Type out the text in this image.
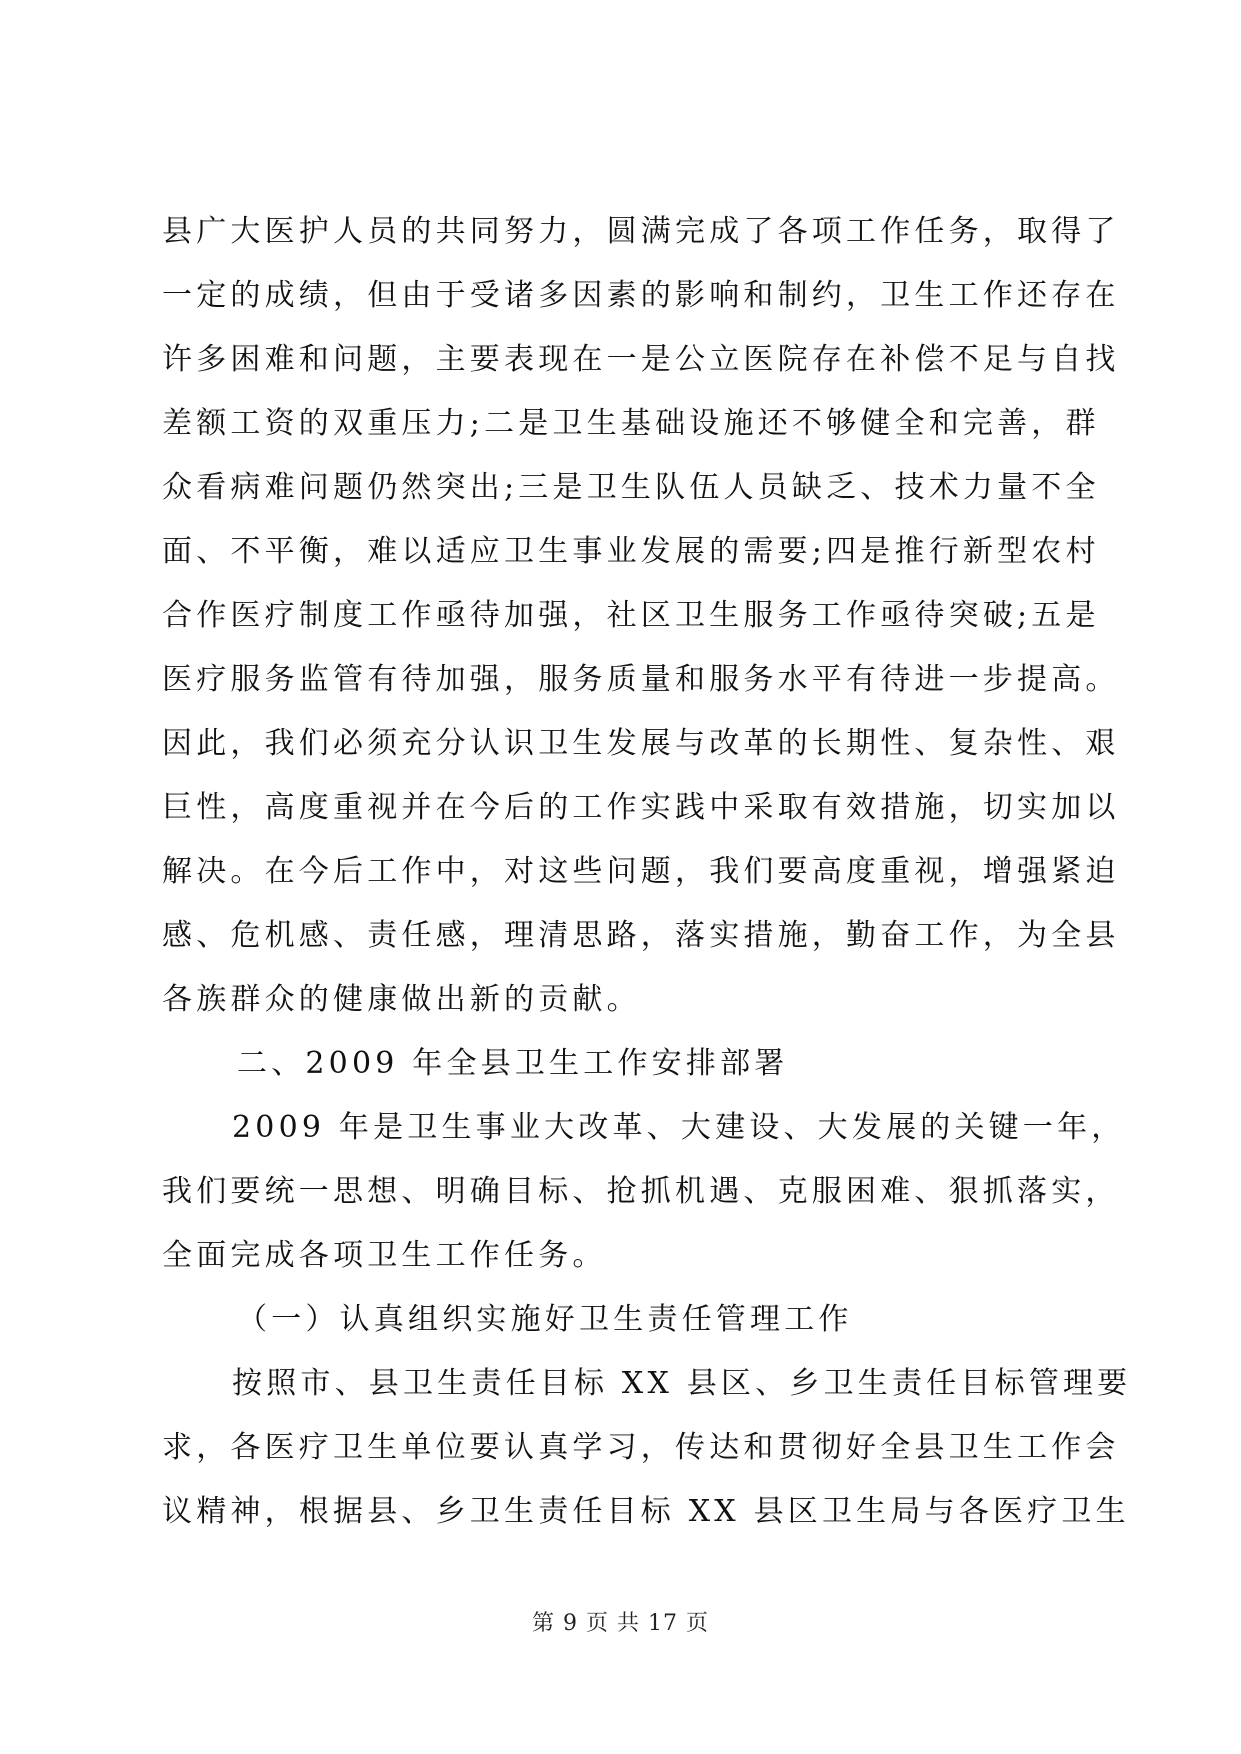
县广大医护人员的共同努力，圆满完成了各项工作任务，取得了
一定的成绩，但由于受诸多因素的影响和制约，卫生工作还存在
许多困难和问题，主要表现在一是公立医院存在补偿不足与自找
差额工资的双重压力;二是卫生基础设施还不够健全和完善，群
众看病难问题仍然突出;三是卫生队伍人员缺乏、技术力量不全
面、不平衡，难以适应卫生事业发展的需要;四是推行新型农村
合作医疗制度工作亟待加强，社区卫生服务工作亟待突破;五是
医疗服务监管有待加强，服务质量和服务水平有待进一步提高。
因此，我们必须充分认识卫生发展与改革的长期性、复杂性、艰
巨性，高度重视并在今后的工作实践中采取有效措施，切实加以
解决。在今后工作中，对这些问题，我们要高度重视，增强紧迫
感、危机感、责任感，理清思路，落实措施，勤奋工作，为全县
各族群众的健康做出新的贡献。
二、2009 年全县卫生工作安排部署
2009 年是卫生事业大改革、大建设、大发展的关键一年，
我们要统一思想、明确目标、抢抓机遇、克服困难、狠抓落实，
全面完成各项卫生工作任务。
（一）认真组织实施好卫生责任管理工作
按照市、县卫生责任目标 XX 县区、乡卫生责任目标管理要
求，各医疗卫生单位要认真学习，传达和贯彻好全县卫生工作会
议精神，根据县、乡卫生责任目标 XX 县区卫生局与各医疗卫生
第 9 页 共 17 页
